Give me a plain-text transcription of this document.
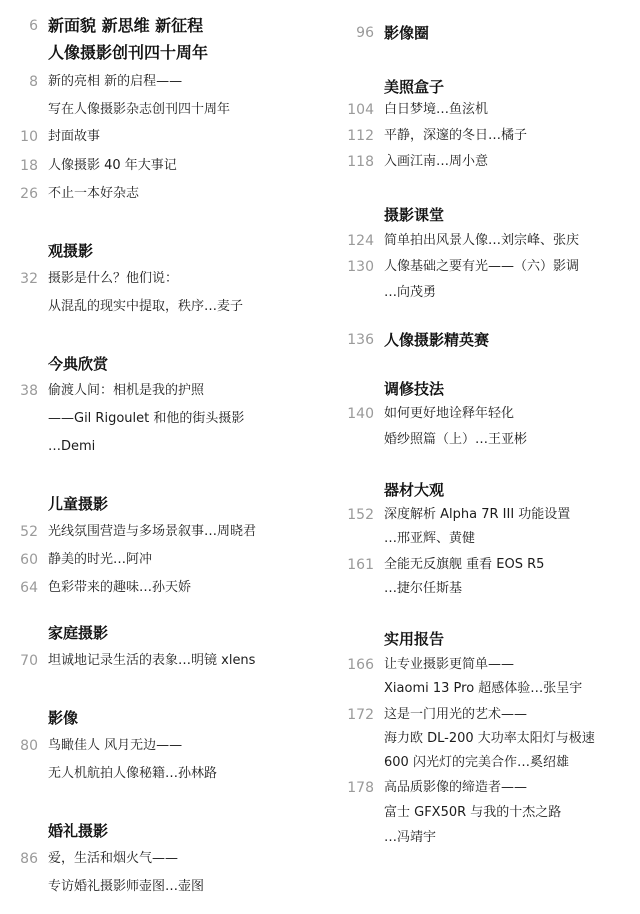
6 新面貌 新思维 新征程
人像摄影创刊四十周年
8 新的亮相 新的启程——
写在人像摄影杂志创刊四十周年
10 封面故事
18 人像摄影 40 年大事记
26 不止一本好杂志
观摄影
32 摄影是什么？他们说：
从混乱的现实中提取，秩序…麦子
今典欣赏
38 偷渡人间：相机是我的护照
——Gil Rigoulet 和他的街头摄影
…Demi
儿童摄影
52 光线氛围营造与多场景叙事…周晓君
60 静美的时光…阿冲
64 色彩带来的趣味…孙天娇
家庭摄影
70 坦诚地记录生活的表象…明镜 xlens
影像
80 鸟瞰佳人 风月无边——
无人机航拍人像秘籍…孙林路
婚礼摄影
86 爱，生活和烟火气——
专访婚礼摄影师壶图…壶图
96 影像圈
美照盒子
104 白日梦境…鱼泫机
112 平静，深邃的冬日…橘子
118 入画江南…周小意
摄影课堂
124 简单拍出风景人像…刘宗峰、张庆
130 人像基础之要有光——（六）影调
…向茂勇
136 人像摄影精英赛
调修技法
140 如何更好地诠释年轻化
婚纱照篇（上）…王亚彬
器材大观
152 深度解析 Alpha 7R III 功能设置
…邢亚辉、黄健
161 全能无反旗舰 重看 EOS R5
…捷尔任斯基
实用报告
166 让专业摄影更简单——
Xiaomi 13 Pro 超感体验…张呈宇
172 这是一门用光的艺术——
海力欧 DL-200 大功率太阳灯与极速
600 闪光灯的完美合作…奚绍雄
178 高品质影像的缔造者——
富士 GFX50R 与我的十杰之路
…冯靖宇
